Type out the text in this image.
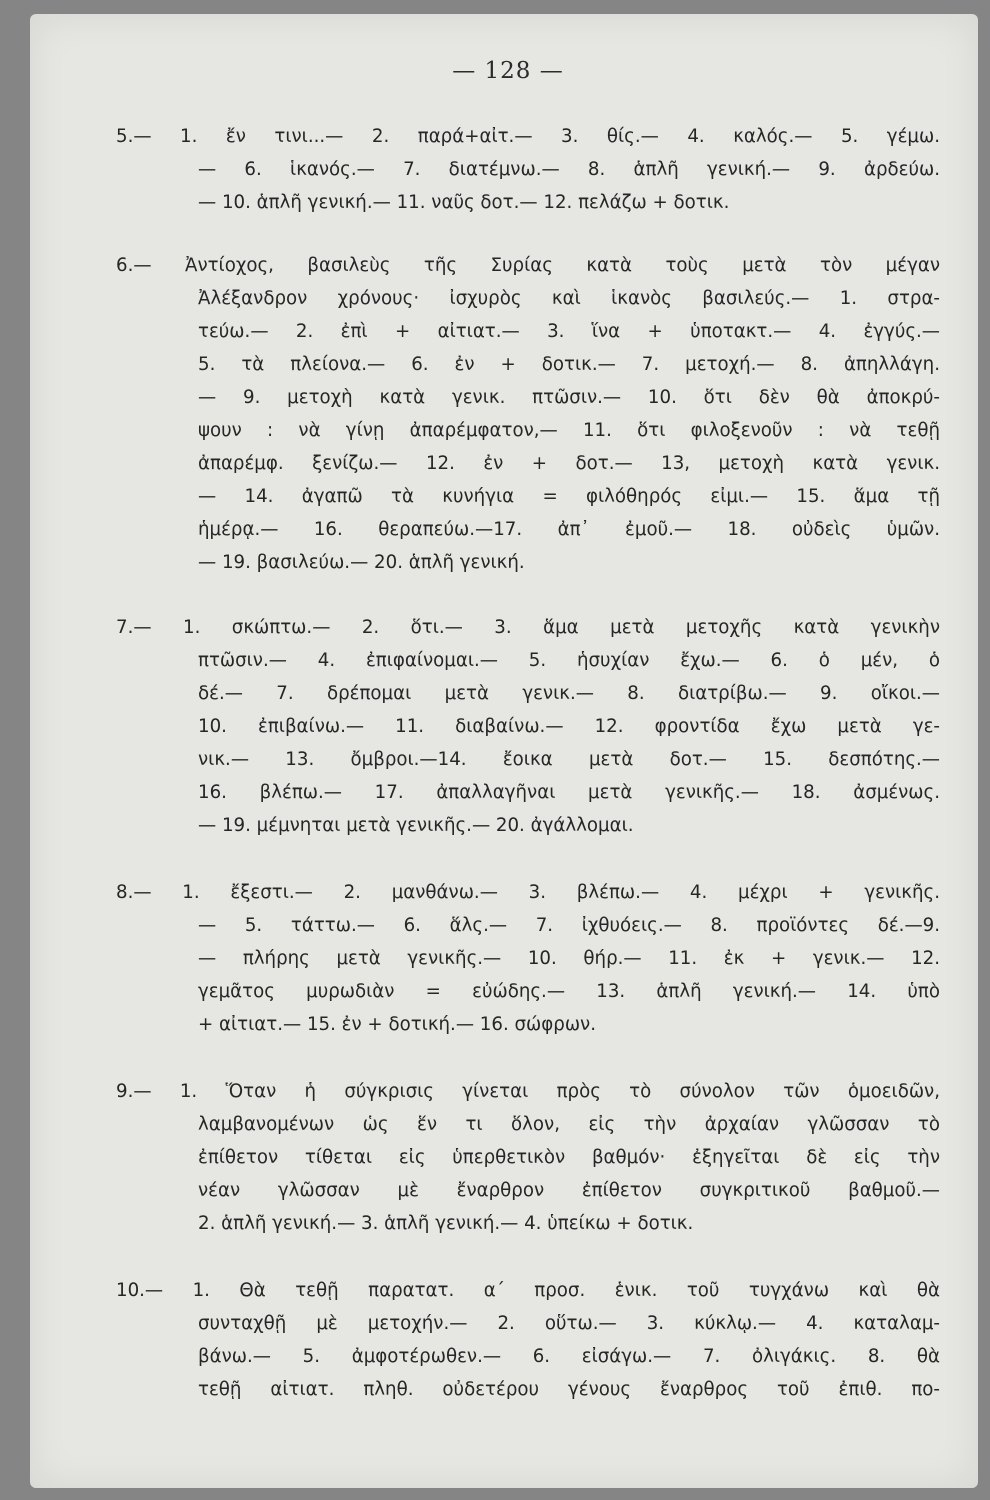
— 128 —
5.— 1. ἔν τινι...— 2. παρά+αἰτ.— 3. θίς.— 4. καλός.— 5. γέμω.
— 6. ἱκανός.— 7. διατέμνω.— 8. ἁπλῆ γενική.— 9. ἀρδεύω.
— 10. ἁπλῆ γενική.— 11. ναῦς δοτ.— 12. πελάζω + δοτικ.
6.— Ἀντίοχος, βασιλεὺς τῆς Συρίας κατὰ τοὺς μετὰ τὸν μέγαν
Ἀλέξανδρον χρόνους· ἰσχυρὸς καὶ ἱκανὸς βασιλεύς.— 1. στρα-
τεύω.— 2. ἐπὶ + αἰτιατ.— 3. ἵνα + ὑποτακτ.— 4. ἐγγύς.—
5. τὰ πλείονα.— 6. ἐν + δοτικ.— 7. μετοχή.— 8. ἀπηλλάγη.
— 9. μετοχὴ κατὰ γενικ. πτῶσιν.— 10. ὅτι δὲν θὰ ἀποκρύ-
ψουν : νὰ γίνῃ ἀπαρέμφατον,— 11. ὅτι φιλοξενοῦν : νὰ τεθῇ
ἀπαρέμφ. ξενίζω.— 12. ἐν + δοτ.— 13, μετοχὴ κατὰ γενικ.
— 14. ἀγαπῶ τὰ κυνήγια = φιλόθηρός εἰμι.— 15. ἅμα τῇ
ἡμέρᾳ.— 16. θεραπεύω.—17. ἀπ᾽ ἐμοῦ.— 18. οὐδεὶς ὑμῶν.
— 19. βασιλεύω.— 20. ἁπλῆ γενική.
7.— 1. σκώπτω.— 2. ὅτι.— 3. ἅμα μετὰ μετοχῆς κατὰ γενικὴν
πτῶσιν.— 4. ἐπιφαίνομαι.— 5. ἡσυχίαν ἔχω.— 6. ὁ μέν, ὁ
δέ.— 7. δρέπομαι μετὰ γενικ.— 8. διατρίβω.— 9. οἴκοι.—
10. ἐπιβαίνω.— 11. διαβαίνω.— 12. φροντίδα ἔχω μετὰ γε-
νικ.— 13. ὄμβροι.—14. ἔοικα μετὰ δοτ.— 15. δεσπότης.—
16. βλέπω.— 17. ἀπαλλαγῆναι μετὰ γενικῆς.— 18. ἀσμένως.
— 19. μέμνηται μετὰ γενικῆς.— 20. ἀγάλλομαι.
8.— 1. ἔξεστι.— 2. μανθάνω.— 3. βλέπω.— 4. μέχρι + γενικῆς.
— 5. τάττω.— 6. ἅλς.— 7. ἰχθυόεις.— 8. προϊόντες δέ.—9.
— πλήρης μετὰ γενικῆς.— 10. θήρ.— 11. ἐκ + γενικ.— 12.
γεμᾶτος μυρωδιὰν = εὐώδης.— 13. ἁπλῆ γενική.— 14. ὑπὸ
+ αἰτιατ.— 15. ἐν + δοτική.— 16. σώφρων.
9.— 1. Ὅταν ἡ σύγκρισις γίνεται πρὸς τὸ σύνολον τῶν ὁμοειδῶν,
λαμβανομένων ὡς ἕν τι ὅλον, εἰς τὴν ἀρχαίαν γλῶσσαν τὸ
ἐπίθετον τίθεται εἰς ὑπερθετικὸν βαθμόν· ἐξηγεῖται δὲ εἰς τὴν
νέαν γλῶσσαν μὲ ἔναρθρον ἐπίθετον συγκριτικοῦ βαθμοῦ.—
2. ἁπλῆ γενική.— 3. ἁπλῆ γενική.— 4. ὑπείκω + δοτικ.
10.— 1. Θὰ τεθῇ παρατατ. α΄ προσ. ἑνικ. τοῦ τυγχάνω καὶ θὰ
συνταχθῇ μὲ μετοχήν.— 2. οὕτω.— 3. κύκλῳ.— 4. καταλαμ-
βάνω.— 5. ἀμφοτέρωθεν.— 6. εἰσάγω.— 7. ὀλιγάκις. 8. θὰ
τεθῇ αἰτιατ. πληθ. οὐδετέρου γένους ἔναρθρος τοῦ ἐπιθ. πο-
